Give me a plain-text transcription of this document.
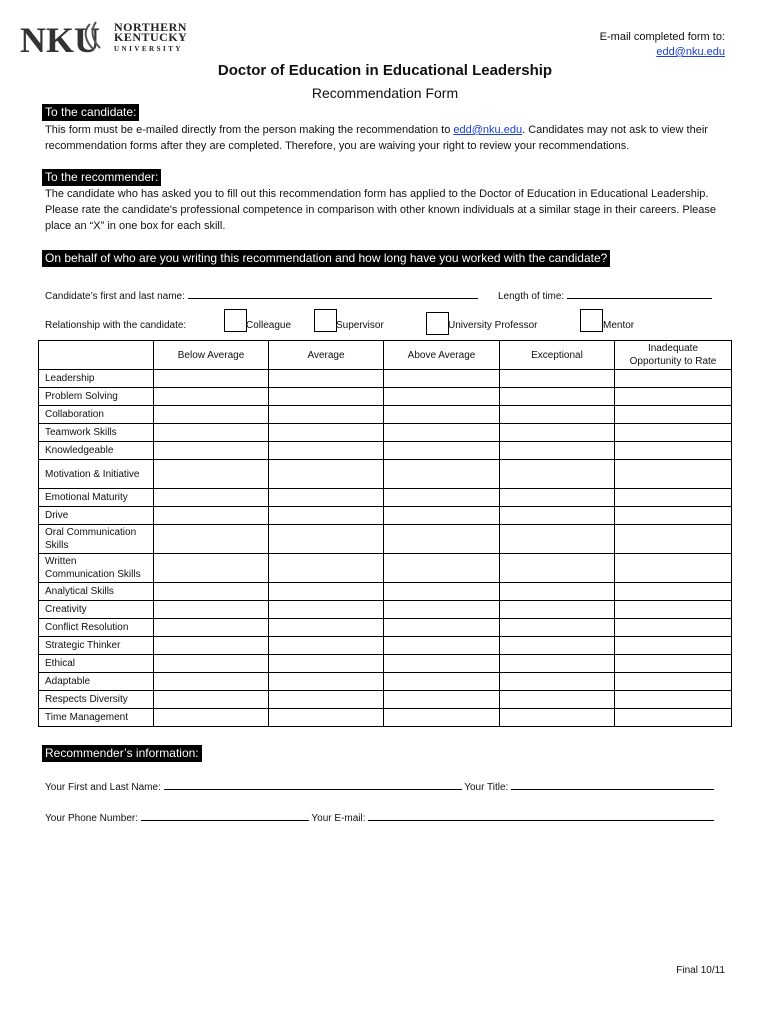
NKU NORTHERN
KENTUCKY
UNIVERSITY
E-mail completed form to:
edd@nku.edu
Doctor of Education in Educational Leadership
Recommendation Form
To the candidate:
This form must be e-mailed directly from the person making the recommendation to edd@nku.edu. Candidates may not ask to view their recommendation forms after they are completed. Therefore, you are waiving your right to review your recommendations.
To the recommender:
The candidate who has asked you to fill out this recommendation form has applied to the Doctor of Education in Educational Leadership. Please rate the candidate's professional competence in comparison with other known individuals at a similar stage in their careers. Please place an “X” in one box for each skill.
On behalf of who are you writing this recommendation and how long have you worked with the candidate?
Candidate’s first and last name:	Length of time:
Relationship with the candidate:	Colleague	Supervisor	University Professor	Mentor
	Below Average	Average	Above Average	Exceptional	Inadequate Opportunity to Rate
Leadership					
Problem Solving					
Collaboration					
Teamwork Skills					
Knowledgeable					
Motivation & Initiative					
Emotional Maturity					
Drive					
Oral Communication Skills					
Written Communication Skills					
Analytical Skills					
Creativity					
Conflict Resolution					
Strategic Thinker					
Ethical					
Adaptable					
Respects Diversity					
Time Management					
Recommender’s information:
Your First and Last Name:	Your Title:
Your Phone Number:	Your E-mail:
Final 10/11
